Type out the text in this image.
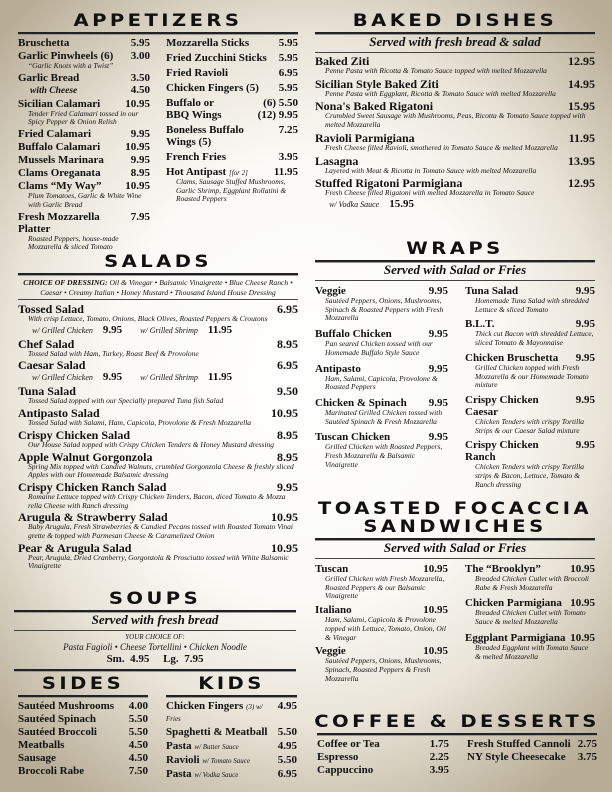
APPETIZERS
Bruschetta	5.95
Garlic Pinwheels (6) 3.00
“Garlic Knots with a Twist”
Garlic Bread	3.50
with Cheese	4.50
Sicilian Calamari 10.95
Tender Fried Calamari tossed in our Spicy Pepper & Onion Relish
Fried Calamari	9.95
Buffalo Calamari 10.95
Mussels Marinara 9.95
Clams Oreganata	8.95
Clams “My Way” 10.95
Plum Tomatoes, Garlic & White Wine with Garlic Bread
Fresh Mozzarella Platter
7.95
Roasted Peppers, house-made Mozzarella & sliced Tomato
Mozzarella Sticks	5.95
Fried Zucchini Sticks 5.95
Fried Ravioli	6.95
Chicken Fingers (5) 5.95
Buffalo or	(6) 5.50
BBQ Wings	(12) 9.95
Boneless Buffalo Wings (5)
7.25
French Fries	3.95
Hot Antipast [for 2] 11.95
Clams, Sausage Stuffed Mushrooms, Garlic Shrimp, Eggplant Rollatini & Roasted Peppers
SALADS
CHOICE OF DRESSING: Oil & Vinegar • Balsamic Vinaigrette • Blue Cheese Ranch • Caesar • Creamy Italian • Honey Mustard • Thousand Island House Dressing
Tossed Salad	6.95
With crisp Lettuce, Tomato, Onions, Black Olives, Roasted Peppers & Croutons
w/ Grilled Chicken 9.95 w/ Grilled Shrimp 11.95
Chef Salad	8.95
Tossed Salad with Ham, Turkey, Roast Beef & Provolone
Caesar Salad	6.95
w/ Grilled Chicken 9.95 w/ Grilled Shrimp 11.95
Tuna Salad	9.50
Tossed Salad topped with our Specially prepared Tuna fish Salad
Antipasto Salad	10.95
Tossed Salad with Salami, Ham, Capicola, Provolone & Fresh Mozzarella
Crispy Chicken Salad	8.95
Our House Salad topped with Crispy Chicken Tenders & Honey Mustard dressing
Apple Walnut Gorgonzola	8.95
Spring Mix topped with Candied Walnuts, crumbled Gorgonzola Cheese & freshly sliced Apples with our Homemade Balsamic dressing
Crispy Chicken Ranch Salad	9.95
Romaine Lettuce topped with Crispy Chicken Tenders, Bacon, diced Tomato & Mozza rella Cheese with Ranch dressing
Arugula & Strawberry Salad	10.95
Baby Arugula, Fresh Strawberries & Candied Pecans tossed with Roasted Tomato Vinai grette & topped with Parmesan Cheese & Caramelized Onion
Pear & Arugula Salad	10.95
Pear, Arugula, Dried Cranberry, Gorgonzola & Prosciutto tossed with White Balsamic Vinaigrette
SOUPS
Served with fresh bread
YOUR CHOICE OF:
Pasta Fagioli • Cheese Tortellini • Chicken Noodle
Sm. 4.95 Lg. 7.95
SIDES
Sautéed Mushrooms 4.00
Sautéed Spinach	5.50
Sautéed Broccoli	5.50
Meatballs	4.50
Sausage	4.50
Broccoli Rabe	7.50
KIDS
Chicken Fingers (3) w/ Fries
4.95
Spaghetti & Meatball 5.50
Pasta w/ Butter Sauce	4.95
Ravioli w/ Tomato Sauce	5.50
Pasta w/ Vodka Sauce	6.95
BAKED DISHES
Served with fresh bread & salad
Baked Ziti	12.95
Penne Pasta with Ricotta & Tomato Sauce topped with melted Mozzarella
Sicilian Style Baked Ziti	14.95
Penne Pasta with Eggplant, Ricotta & Tomato Sauce with melted Mozzarella
Nona's Baked Rigatoni	15.95
Crumbled Sweet Sausage with Mushrooms, Peas, Ricotta & Tomato Sauce topped with melted Mozzarella
Ravioli Parmigiana	11.95
Fresh Cheese filled Ravioli, smothered in Tomato Sauce & melted Mozzarella
Lasagna	13.95
Layered with Meat & Ricotta in Tomato Sauce with melted Mozzarella
Stuffed Rigatoni Parmigiana	12.95
Fresh Cheese filled Rigatoni with melted Mozzarella in Tomato Sauce
w/ Vodka Sauce 15.95
WRAPS
Served with Salad or Fries
Veggie	9.95
Sautéed Peppers, Onions, Mushrooms, Spinach & Roasted Peppers with Fresh Mozzarella
Buffalo Chicken	9.95
Pan seared Chicken tossed with our Homemade Buffalo Style Sauce
Antipasto	9.95
Ham, Salami, Capicola, Provolone & Roasted Peppers
Chicken & Spinach 9.95
Marinated Grilled Chicken tossed with Sautéed Spinach & Fresh Mozzarella
Tuscan Chicken	9.95
Grilled Chicken with Roasted Peppers, Fresh Mozzarella & Balsamic Vinaigrette
Tuna Salad	9.95
Homemade Tuna Salad with shredded Lettuce & sliced Tomato
B.L.T.	9.95
Thick cut Bacon with shredded Lettuce, sliced Tomato & Mayonnaise
Chicken Bruschetta 9.95
Grilled Chicken topped with Fresh Mozzarella & our Homemade Tomato mixture
Crispy Chicken Caesar
9.95
Chicken Tenders with crispy Tortilla Strips & our Caesar Salad mixture
Crispy Chicken Ranch
9.95
Chicken Tenders with crispy Tortilla strips & Bacon, Lettuce, Tomato & Ranch dressing
TOASTED FOCACCIA
SANDWICHES
Served with Salad or Fries
Tuscan	10.95
Grilled Chicken with Fresh Mozzarella, Roasted Peppers & our Balsamic Vinaigrette
Italiano	10.95
Ham, Salami, Capicola & Provolone topped with Lettuce, Tomato, Onion, Oil & Vinegar
Veggie	10.95
Sautéed Peppers, Onions, Mushrooms, Spinach, Roasted Peppers & Fresh Mozzarella
The “Brooklyn”	10.95
Breaded Chicken Cutlet with Broccoli Rabe & Fresh Mozzarella
Chicken Parmigiana 10.95
Breaded Chicken Cutlet with Tomato Sauce & melted Mozzarella
Eggplant Parmigiana 10.95
Breaded Eggplant with Tomato Sauce & melted Mozzarella
COFFEE & DESSERTS
Coffee or Tea	1.75
Espresso	2.25
Cappuccino	3.95
Fresh Stuffed Cannoli 2.75
NY Style Cheesecake 3.75
